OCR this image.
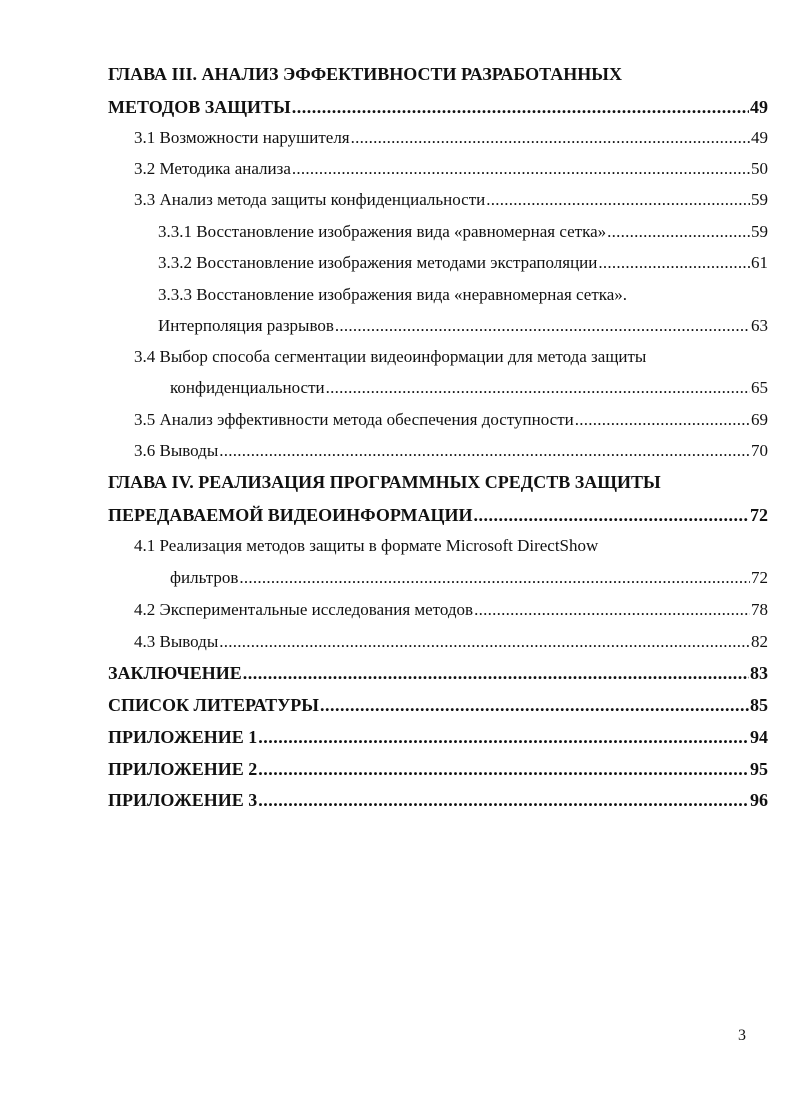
ГЛАВА III. АНАЛИЗ ЭФФЕКТИВНОСТИ РАЗРАБОТАННЫХ
МЕТОДОВ ЗАЩИТЫ . . .	49
3.1 Возможности нарушителя . . .	49
3.2 Методика анализа . . .	50
3.3 Анализ метода защиты конфиденциальности . . .	59
3.3.1 Восстановление изображения вида «равномерная сетка» . . .	59
3.3.2 Восстановление изображения методами экстраполяции . . .	61
3.3.3 Восстановление изображения вида «неравномерная сетка».
Интерполяция разрывов . . .	63
3.4 Выбор способа сегментации видеоинформации для метода защиты
конфиденциальности . . .	65
3.5 Анализ эффективности метода обеспечения доступности . . .	69
3.6 Выводы . . .	70
ГЛАВА IV. РЕАЛИЗАЦИЯ ПРОГРАММНЫХ СРЕДСТВ ЗАЩИТЫ
ПЕРЕДАВАЕМОЙ ВИДЕОИНФОРМАЦИИ . . .	72
4.1 Реализация методов защиты в формате Microsoft DirectShow
фильтров . . .	72
4.2 Экспериментальные исследования методов . . .	78
4.3 Выводы . . .	82
ЗАКЛЮЧЕНИЕ . . .	83
СПИСОК ЛИТЕРАТУРЫ . . .	85
ПРИЛОЖЕНИЕ 1 . . .	94
ПРИЛОЖЕНИЕ 2 . . .	95
ПРИЛОЖЕНИЕ 3 . . .	96
3
